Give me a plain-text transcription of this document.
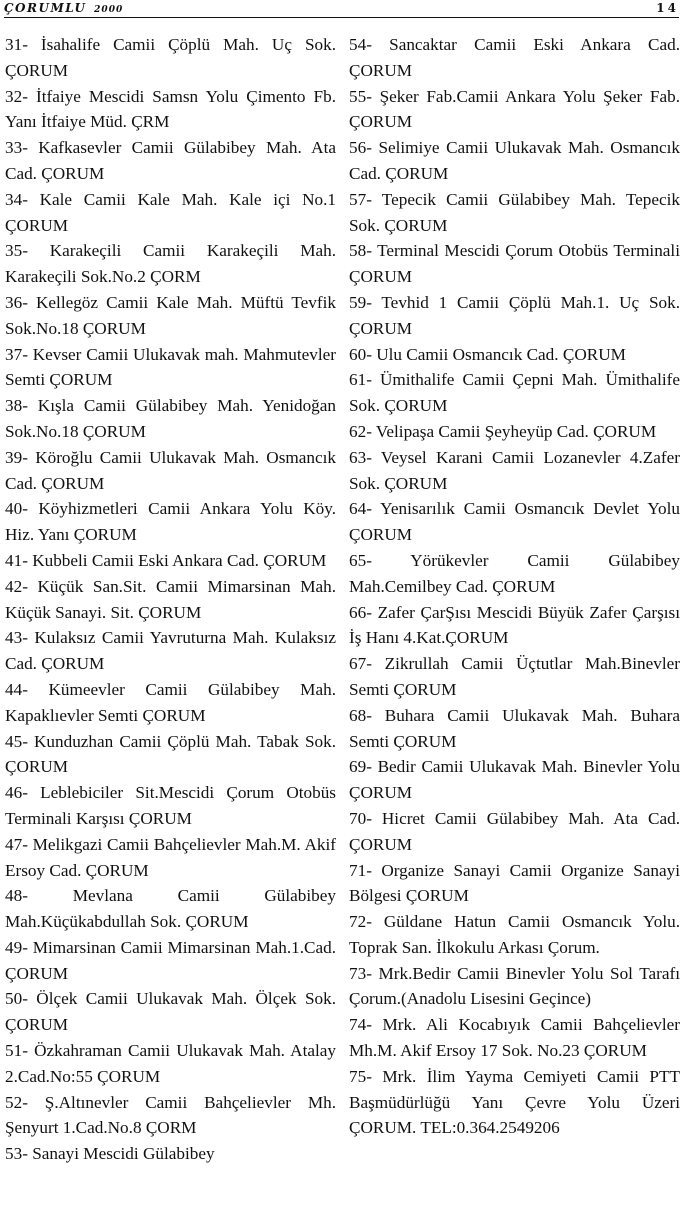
ÇORUMLU 2000	14

31- İsahalife Camii Çöplü Mah. Uç Sok. ÇORUM

32- İtfaiye Mescidi Samsn Yolu Çimento Fb. Yanı İtfaiye Müd. ÇRM

33- Kafkasevler Camii Gülabibey Mah. Ata Cad. ÇORUM

34- Kale Camii Kale Mah. Kale içi No.1 ÇORUM

35- Karakeçili Camii Karakeçili Mah. Karakeçili Sok.No.2 ÇORM

36- Kellegöz Camii Kale Mah. Müftü Tevfik Sok.No.18 ÇORUM

37- Kevser Camii Ulukavak mah. Mahmutevler Semti ÇORUM

38- Kışla Camii Gülabibey Mah. Yenidoğan Sok.No.18 ÇORUM

39- Köroğlu Camii Ulukavak Mah. Osmancık Cad. ÇORUM

40- Köyhizmetleri Camii Ankara Yolu Köy. Hiz. Yanı ÇORUM

41- Kubbeli Camii Eski Ankara Cad. ÇORUM

42- Küçük San.Sit. Camii Mimarsinan Mah. Küçük Sanayi. Sit. ÇORUM

43- Kulaksız Camii Yavruturna Mah. Kulaksız Cad. ÇORUM

44- Kümeevler Camii Gülabibey Mah. Kapaklıevler Semti ÇORUM

45- Kunduzhan Camii Çöplü Mah. Tabak Sok. ÇORUM

46- Leblebiciler Sit.Mescidi Çorum Otobüs Terminali Karşısı ÇORUM

47- Melikgazi Camii Bahçelievler Mah.M. Akif Ersoy Cad. ÇORUM

48- Mevlana Camii Gülabibey Mah.Küçükabdullah Sok. ÇORUM

49- Mimarsinan Camii Mimarsinan Mah.1.Cad. ÇORUM

50- Ölçek Camii Ulukavak Mah. Ölçek Sok. ÇORUM

51- Özkahraman Camii Ulukavak Mah. Atalay 2.Cad.No:55 ÇORUM

52- Ş.Altınevler Camii Bahçelievler Mh. Şenyurt 1.Cad.No.8 ÇORM

53- Sanayi Mescidi Gülabibey

54- Sancaktar Camii Eski Ankara Cad. ÇORUM

55- Şeker Fab.Camii Ankara Yolu Şeker Fab. ÇORUM

56- Selimiye Camii Ulukavak Mah. Osmancık Cad. ÇORUM

57- Tepecik Camii Gülabibey Mah. Tepecik Sok. ÇORUM

58- Terminal Mescidi Çorum Otobüs Terminali ÇORUM

59- Tevhid 1 Camii Çöplü Mah.1. Uç Sok. ÇORUM

60- Ulu Camii Osmancık Cad. ÇORUM

61- Ümithalife Camii Çepni Mah. Ümithalife Sok. ÇORUM

62- Velipaşa Camii Şeyheyüp Cad. ÇORUM

63- Veysel Karani Camii Lozanevler 4.Zafer Sok. ÇORUM

64- Yenisarılık Camii Osmancık Devlet Yolu ÇORUM

65- Yörükevler Camii Gülabibey Mah.Cemilbey Cad. ÇORUM

66- Zafer ÇarŞısı Mescidi Büyük Zafer Çarşısı İş Hanı 4.Kat.ÇORUM

67- Zikrullah Camii Üçtutlar Mah.Binevler Semti ÇORUM

68- Buhara Camii Ulukavak Mah. Buhara Semti ÇORUM

69- Bedir Camii Ulukavak Mah. Binevler Yolu ÇORUM

70- Hicret Camii Gülabibey Mah. Ata Cad. ÇORUM

71- Organize Sanayi Camii Organize Sanayi Bölgesi ÇORUM

72- Güldane Hatun Camii Osmancık Yolu. Toprak San. İlkokulu Arkası Çorum.

73- Mrk.Bedir Camii Binevler Yolu Sol Tarafı Çorum.(Anadolu Lisesini Geçince)

74- Mrk. Ali Kocabıyık Camii Bahçelievler Mh.M. Akif Ersoy 17 Sok. No.23 ÇORUM

75- Mrk. İlim Yayma Cemiyeti Camii PTT Başmüdürlüğü Yanı Çevre Yolu Üzeri ÇORUM. TEL:0.364.2549206
